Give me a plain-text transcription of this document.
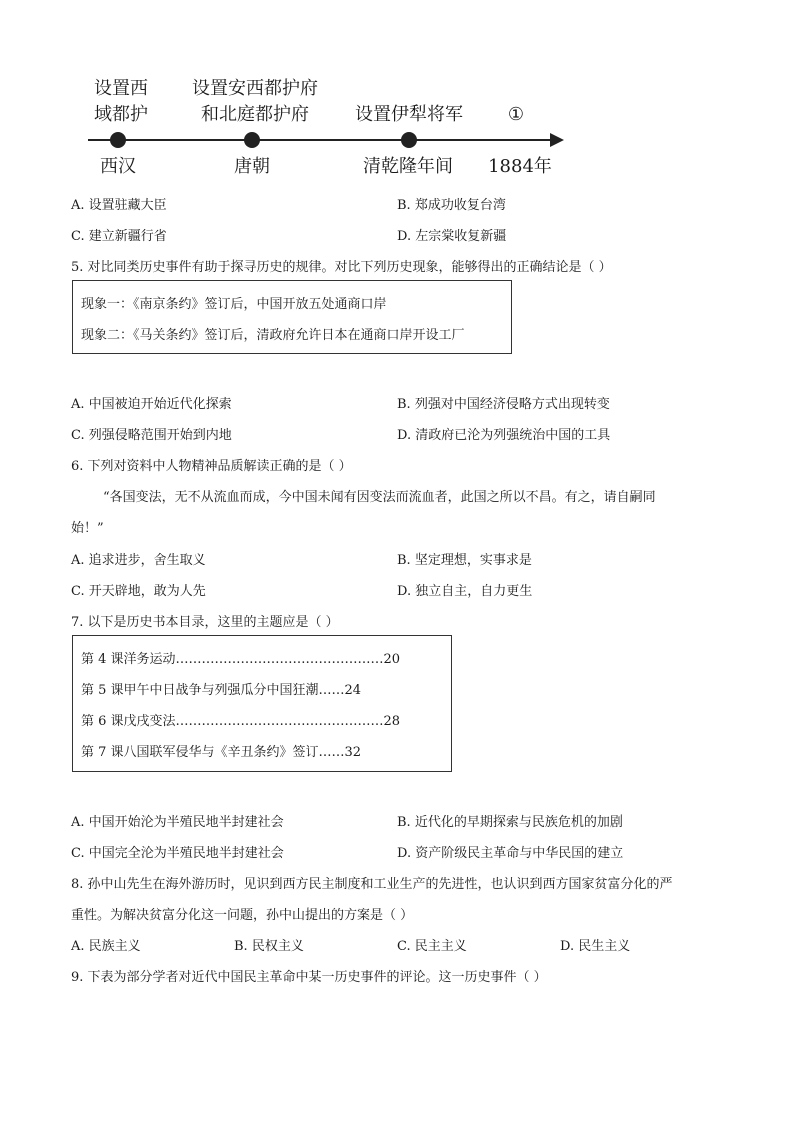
设置西
域都护
设置安西都护府
和北庭都护府	设置伊犁将军	①
西汉	唐朝	清乾隆年间	1884年
A. 设置驻藏大臣	B. 郑成功收复台湾
C. 建立新疆行省	D. 左宗棠收复新疆
5. 对比同类历史事件有助于探寻历史的规律。对比下列历史现象，能够得出的正确结论是（ ）
现象一：《南京条约》签订后，中国开放五处通商口岸
现象二：《马关条约》签订后，清政府允许日本在通商口岸开设工厂
A. 中国被迫开始近代化探索	B. 列强对中国经济侵略方式出现转变
C. 列强侵略范围开始到内地	D. 清政府已沦为列强统治中国的工具
6. 下列对资料中人物精神品质解读正确的是（ ）
“各国变法，无不从流血而成，今中国未闻有因变法而流血者，此国之所以不昌。有之，请自嗣同
始！”
A. 追求进步，舍生取义	B. 坚定理想，实事求是
C. 开天辟地，敢为人先	D. 独立自主，自力更生
7. 以下是历史书本目录，这里的主题应是（ ）
第 4 课洋务运动…………………………………………20
第 5 课甲午中日战争与列强瓜分中国狂潮……24
第 6 课戊戌变法…………………………………………28
第 7 课八国联军侵华与《辛丑条约》签订……32
A. 中国开始沦为半殖民地半封建社会	B. 近代化的早期探索与民族危机的加剧
C. 中国完全沦为半殖民地半封建社会	D. 资产阶级民主革命与中华民国的建立
8. 孙中山先生在海外游历时，见识到西方民主制度和工业生产的先进性，也认识到西方国家贫富分化的严
重性。为解决贫富分化这一问题，孙中山提出的方案是（ ）
A. 民族主义	B. 民权主义	C. 民主主义	D. 民生主义
9. 下表为部分学者对近代中国民主革命中某一历史事件的评论。这一历史事件（ ）
